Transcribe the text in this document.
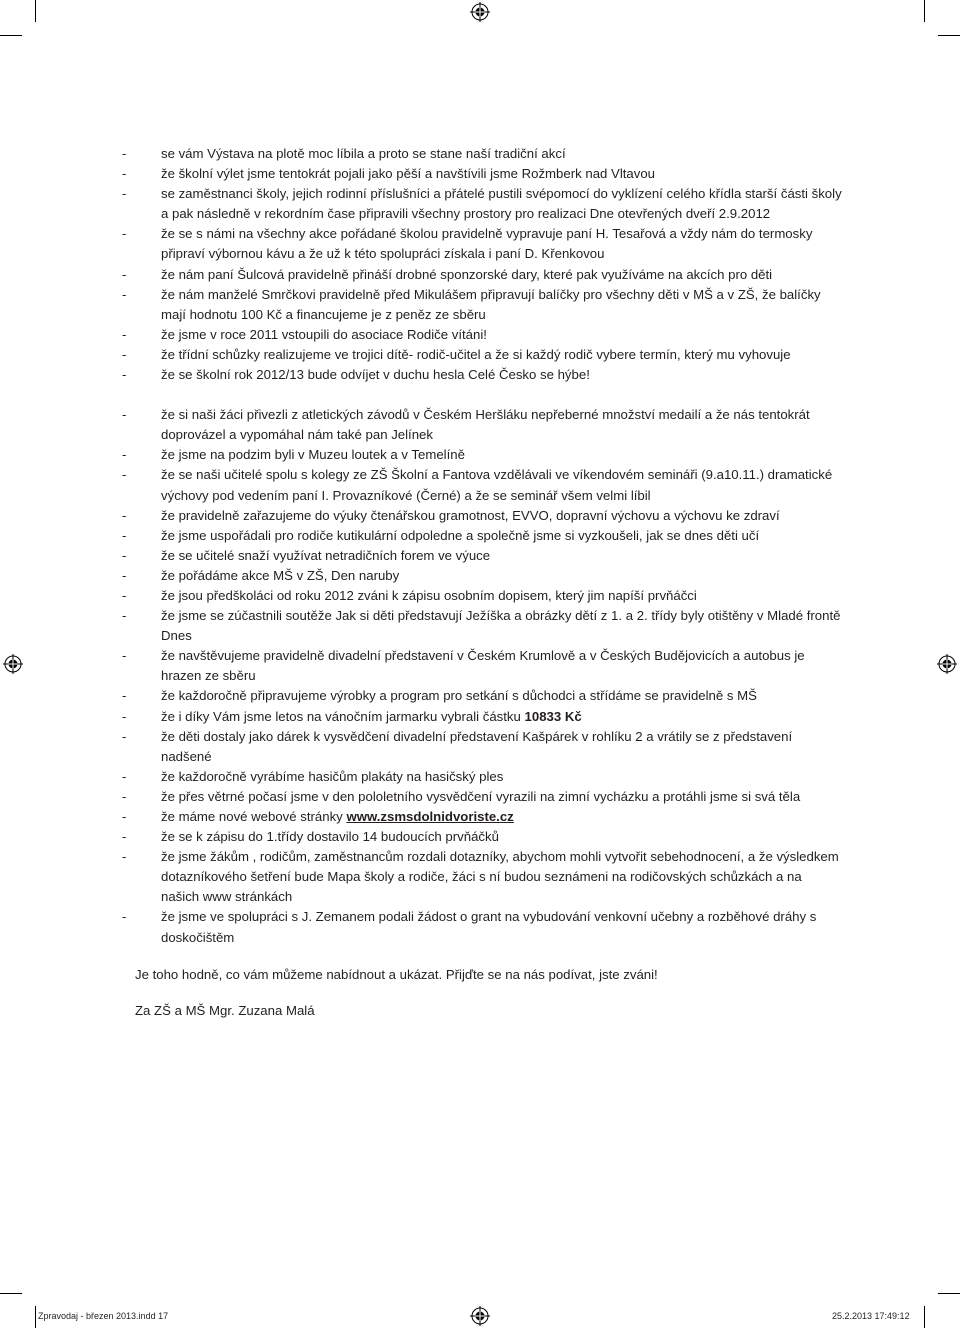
- se vám Výstava na plotě moc líbila a proto se stane naší tradiční akcí
- že školní výlet jsme tentokrát pojali jako pěší a navštívili jsme Rožmberk nad Vltavou
- se zaměstnanci školy, jejich rodinní příslušníci a přátelé pustili svépomocí do vyklízení celého křídla starší části školy a pak následně v rekordním čase připravili všechny prostory pro realizaci Dne otevřených dveří 2.9.2012
- že se s námi na všechny akce pořádané školou pravidelně vypravuje paní H. Tesařová a vždy nám do termosky připraví výbornou kávu a že už k této spolupráci získala i paní D. Křenkovou
- že nám paní Šulcová pravidelně přináší drobné sponzorské dary, které pak využíváme na akcích pro děti
- že nám manželé Smrčkovi pravidelně před Mikulášem připravují balíčky pro všechny děti v MŠ a v ZŠ, že balíčky mají hodnotu 100 Kč a financujeme je z peněz ze sběru
- že jsme v roce 2011 vstoupili do asociace Rodiče vítáni!
- že třídní schůzky realizujeme ve trojici dítě- rodič-učitel a že si každý rodič vybere termín, který mu vyhovuje
- že se školní rok 2012/13 bude odvíjet v duchu hesla Celé Česko se hýbe!
- že si naši žáci přivezli z atletických závodů v Českém Heršláku nepřeberné množství medailí a že nás tentokrát doprovázel a vypomáhal nám také pan Jelínek
- že jsme na podzim byli v Muzeu loutek a v Temelíně
- že se naši učitelé spolu s kolegy ze ZŠ Školní a Fantova vzdělávali ve víkendovém semináři (9.a10.11.) dramatické výchovy pod vedením paní I. Provazníkové (Černé) a že se seminář všem velmi líbil
- že pravidelně zařazujeme do výuky čtenářskou gramotnost, EVVO, dopravní výchovu a výchovu ke zdraví
- že jsme uspořádali pro rodiče kutikulární odpoledne a společně jsme si vyzkoušeli, jak se dnes děti učí
- že se učitelé snaží využívat netradičních forem ve výuce
- že pořádáme akce MŠ v ZŠ, Den naruby
- že jsou předškoláci od roku 2012 zváni k zápisu osobním dopisem, který jim napíší prvňáčci
- že jsme se zúčastnili soutěže Jak si děti představují Ježíška a obrázky dětí z 1. a 2. třídy byly otištěny v Mladé frontě Dnes
- že navštěvujeme pravidelně divadelní představení v Českém Krumlově a v Českých Budějovicích a autobus je hrazen ze sběru
- že každoročně připravujeme výrobky a program pro setkání s důchodci a střídáme se pravidelně s MŠ
- že i díky Vám jsme letos na vánočním jarmarku vybrali částku 10833 Kč
- že děti dostaly jako dárek k vysvědčení divadelní představení Kašpárek v rohlíku 2 a vrátily se z představení nadšené
- že každoročně vyrábíme hasičům plakáty na hasičský ples
- že přes větrné počasí jsme v den pololetního vysvědčení vyrazili na zimní vycházku a protáhli jsme si svá těla
- že máme nové webové stránky www.zsmsdolnidvoriste.cz
- že se k zápisu do 1.třídy dostavilo 14 budoucích prvňáčků
- že jsme žákům , rodičům, zaměstnancům rozdali dotazníky, abychom mohli vytvořit sebehodnocení, a že výsledkem dotazníkového šetření bude Mapa školy a rodiče, žáci s ní budou seznámeni na rodičovských schůzkách a na našich www stránkách
- že jsme ve spolupráci s J. Zemanem podali žádost o grant na vybudování venkovní učebny a rozběhové dráhy s doskočištěm

Je toho hodně, co vám můžeme nabídnout a ukázat. Přijďte se na nás podívat, jste zváni!

Za ZŠ a MŠ Mgr. Zuzana Malá

Zpravodaj - březen 2013.indd 17	25.2.2013 17:49:12
